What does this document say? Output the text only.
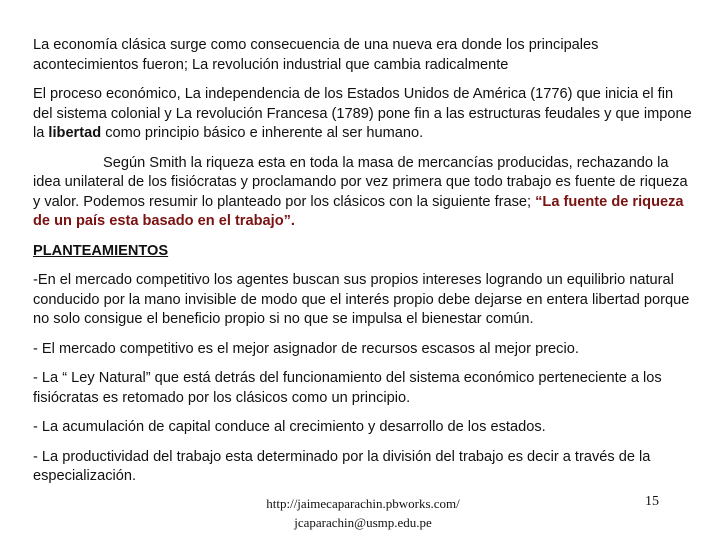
La economía clásica surge como consecuencia de una nueva era donde los principales acontecimientos fueron; La revolución industrial que cambia radicalmente

El proceso económico, La independencia de los Estados Unidos de América (1776) que inicia el fin del sistema colonial y La revolución Francesa (1789) pone fin a las estructuras feudales y que impone la libertad como principio básico e inherente al ser humano.

Según Smith la riqueza esta en toda la masa de mercancías producidas, rechazando la idea unilateral de los fisiócratas y proclamando por vez primera que todo trabajo es fuente de riqueza y valor. Podemos resumir lo planteado por los clásicos con la siguiente frase; “La fuente de riqueza de un país esta basado en el trabajo”.

PLANTEAMIENTOS

-En el mercado competitivo los agentes buscan sus propios intereses logrando un equilibrio natural conducido por la mano invisible de modo que el interés propio debe dejarse en entera libertad porque no solo consigue el beneficio propio si no que se impulsa el bienestar común.

- El mercado competitivo es el mejor asignador de recursos escasos al mejor precio.

- La “ Ley Natural” que está detrás del funcionamiento del sistema económico perteneciente a los fisiócratas es retomado por los clásicos como un principio.

- La acumulación de capital conduce al crecimiento y desarrollo de los estados.

- La productividad del trabajo esta determinado por la división del trabajo es decir a través de la especialización.

http://jaimecaparachin.pbworks.com/
jcaparachin@usmp.edu.pe
15
